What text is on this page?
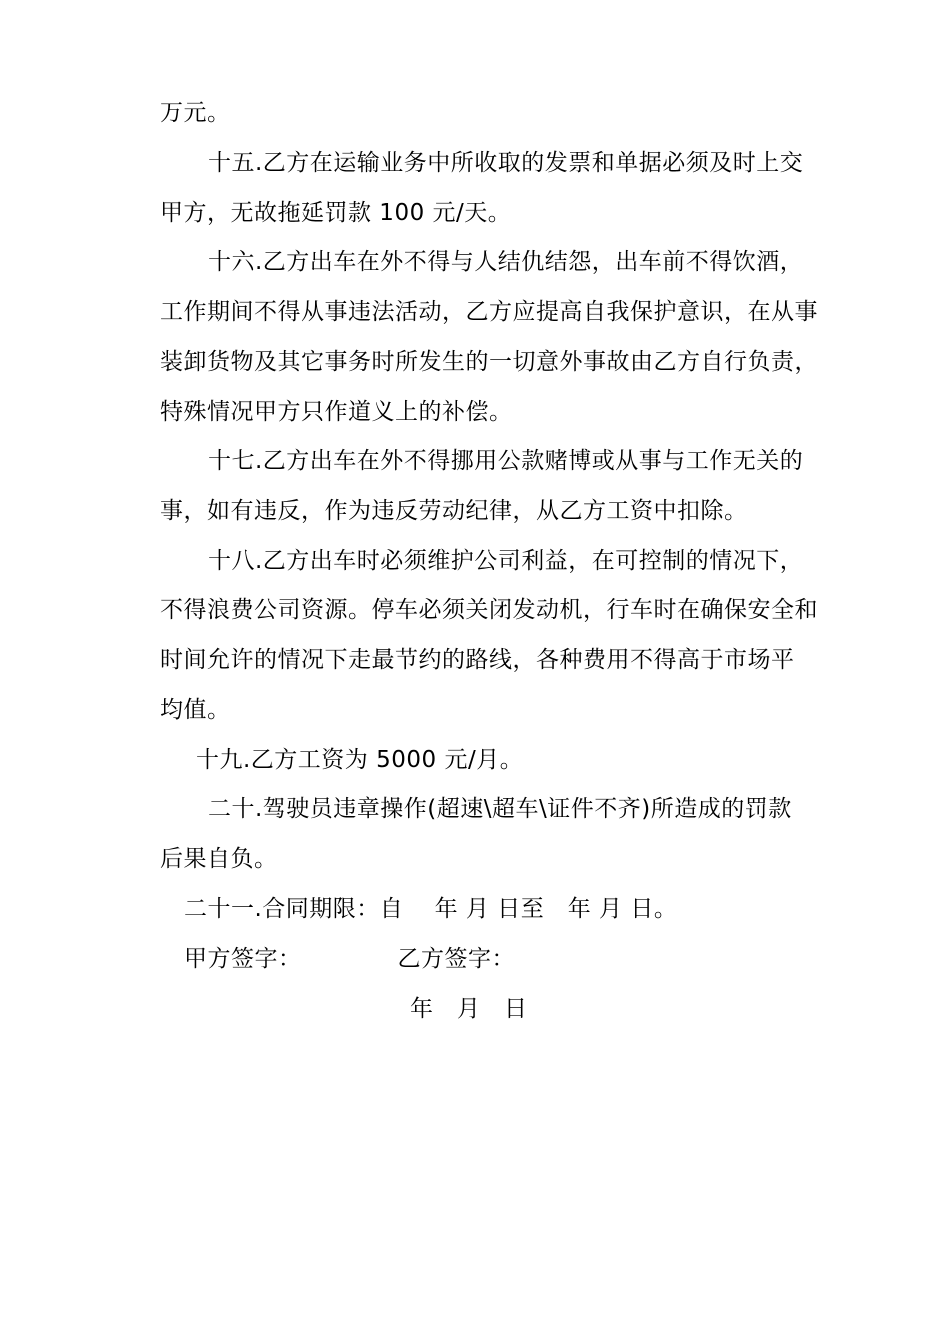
万元。
十五.乙方在运输业务中所收取的发票和单据必须及时上交
甲方，无故拖延罚款 100 元/天。
十六.乙方出车在外不得与人结仇结怨，出车前不得饮酒，
工作期间不得从事违法活动，乙方应提高自我保护意识，在从事
装卸货物及其它事务时所发生的一切意外事故由乙方自行负责，
特殊情况甲方只作道义上的补偿。
十七.乙方出车在外不得挪用公款赌博或从事与工作无关的
事，如有违反，作为违反劳动纪律，从乙方工资中扣除。
十八.乙方出车时必须维护公司利益，在可控制的情况下，
不得浪费公司资源。停车必须关闭发动机，行车时在确保安全和
时间允许的情况下走最节约的路线，各种费用不得高于市场平
均值。
十九.乙方工资为 5000 元/月。
二十.驾驶员违章操作(超速\超车\证件不齐)所造成的罚款
后果自负。
二十一.合同期限：自　 年 月 日至　年 月 日。
甲方签字：	乙方签字：
年　月　日
